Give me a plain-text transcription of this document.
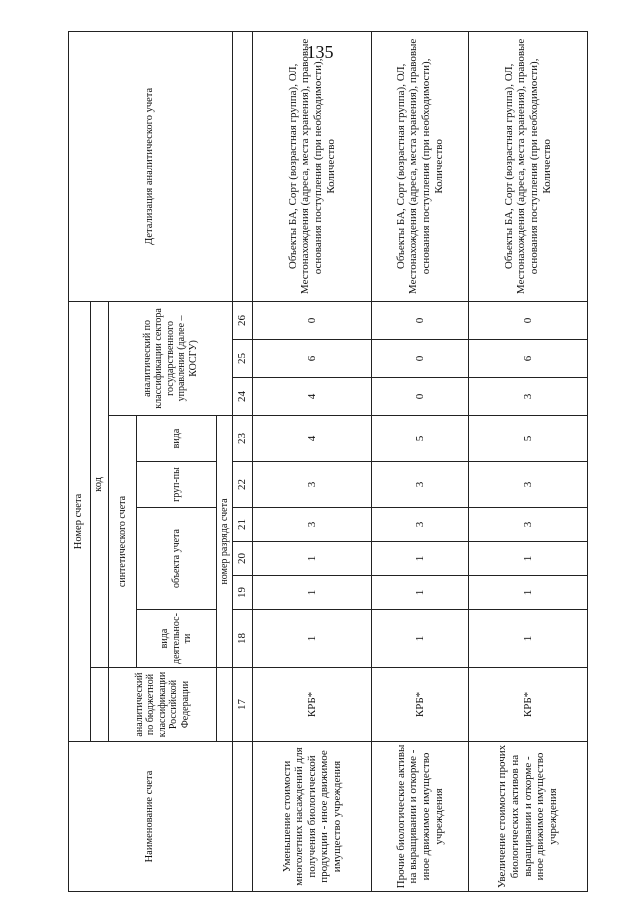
135
Наименование счета	Номер счета										Детализация аналитического учета
		код									
	аналитический по бюджетной классификации Российской Федерации	синтетического счета						аналитический по классификации сектора государственного управления (далее – КОСГУ)			
		вида деятельнос-ти	объекта учета			груп-пы	вида				
		номер разряда счета									
	17	18	19	20	21	22	23	24	25	26	
Уменьшение стоимости многолетних насаждений для получения биологической продукции - иное движимое имущество учреждения	КРБ*	1	1	1	3	3	4	4	6	0	Объекты БА, Сорт (возрастная группа), ОЛ, Местонахождения (адреса, места хранения), правовые основания поступления (при необходимости), Количество
Прочие биологические активы на выращивании и откорме - иное движимое имущество учреждения	КРБ*	1	1	1	3	3	5	0	0	0	Объекты БА, Сорт (возрастная группа), ОЛ, Местонахождения (адреса, места хранения), правовые основания поступления (при необходимости), Количество
Увеличение стоимости прочих биологических активов на выращивании и откорме - иное движимое имущество учреждения	КРБ*	1	1	1	3	3	5	3	6	0	Объекты БА, Сорт (возрастная группа), ОЛ, Местонахождения (адреса, места хранения), правовые основания поступления (при необходимости), Количество
